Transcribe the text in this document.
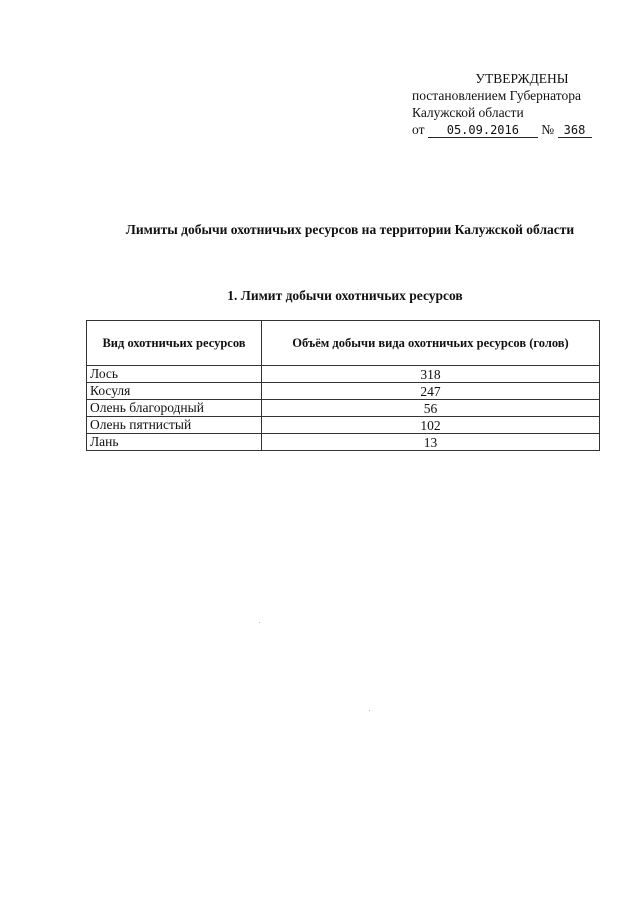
УТВЕРЖДЕНЫ
постановлением Губернатора
Калужской области
от 05.09.2016 № 368
Лимиты добычи охотничьих ресурсов на территории Калужской области
1. Лимит добычи охотничьих ресурсов
Вид охотничьих ресурсов	Объём добычи вида охотничьих ресурсов (голов)
Лось	318
Косуля	247
Олень благородный	56
Олень пятнистый	102
Лань	13
